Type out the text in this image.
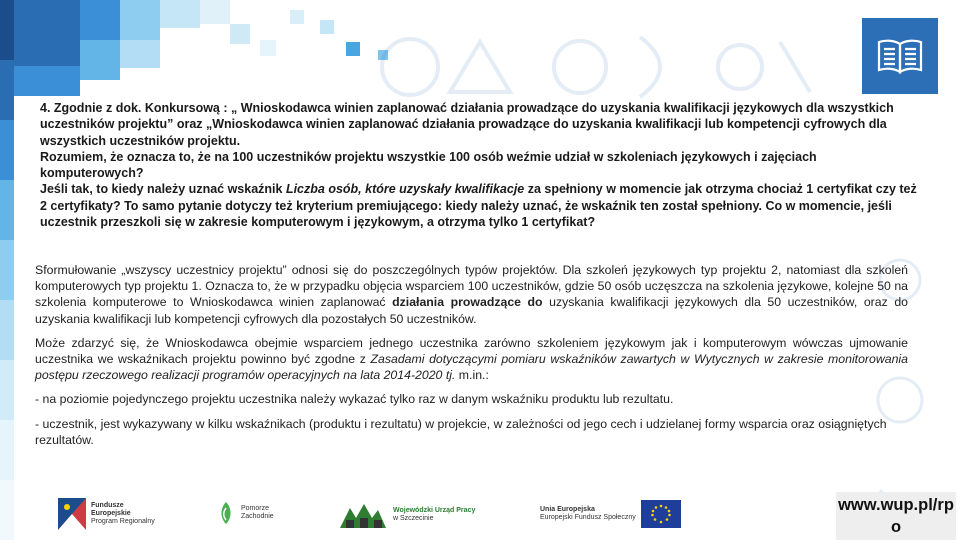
4. Zgodnie z dok. Konkursową : „ Wnioskodawca winien zaplanować działania prowadzące do uzyskania kwalifikacji językowych dla wszystkich uczestników projektu” oraz „Wnioskodawca winien zaplanować działania prowadzące do uzyskania kwalifikacji lub kompetencji cyfrowych dla wszystkich uczestników projektu.

Rozumiem, że oznacza to, że na 100 uczestników projektu wszystkie 100 osób weźmie udział w szkoleniach językowych i zajęciach komputerowych?

Jeśli tak, to kiedy należy uznać wskaźnik Liczba osób, które uzyskały kwalifikacje za spełniony w momencie jak otrzyma chociaż 1 certyfikat czy też 2 certyfikaty? To samo pytanie dotyczy też kryterium premiującego: kiedy należy uznać, że wskaźnik ten został spełniony. Co w momencie, jeśli uczestnik przeszkoli się w zakresie komputerowym i językowym, a otrzyma tylko 1 certyfikat?

Sformułowanie „wszyscy uczestnicy projektu” odnosi się do poszczególnych typów projektów. Dla szkoleń językowych typ projektu 2, natomiast dla szkoleń komputerowych typ projektu 1. Oznacza to, że w przypadku objęcia wsparciem 100 uczestników, gdzie 50 osób uczęszcza na szkolenia językowe, kolejne 50 na szkolenia komputerowe to Wnioskodawca winien zaplanować działania prowadzące do uzyskania kwalifikacji językowych dla 50 uczestników, oraz do uzyskania kwalifikacji lub kompetencji cyfrowych dla pozostałych 50 uczestników.

Może zdarzyć się, że Wnioskodawca obejmie wsparciem jednego uczestnika zarówno szkoleniem językowym jak i komputerowym wówczas ujmowanie uczestnika we wskaźnikach projektu powinno być zgodne z Zasadami dotyczącymi pomiaru wskaźników zawartych w Wytycznych w zakresie monitorowania postępu rzeczowego realizacji programów operacyjnych na lata 2014-2020 tj. m.in.:

- na poziomie pojedynczego projektu uczestnika należy wykazać tylko raz w danym wskaźniku produktu lub rezultatu.

- uczestnik, jest wykazywany w kilku wskaźnikach (produktu i rezultatu) w projekcie, w zależności od jego cech i udzielanej formy wsparcia oraz osiągniętych rezultatów.

Fundusze
Europejskie
Program Regionalny
Pomorze
Zachodnie
Wojewódzki Urząd Pracy
w Szczecinie
Unia Europejska
Europejski Fundusz Społeczny
www.wup.pl/rpo
